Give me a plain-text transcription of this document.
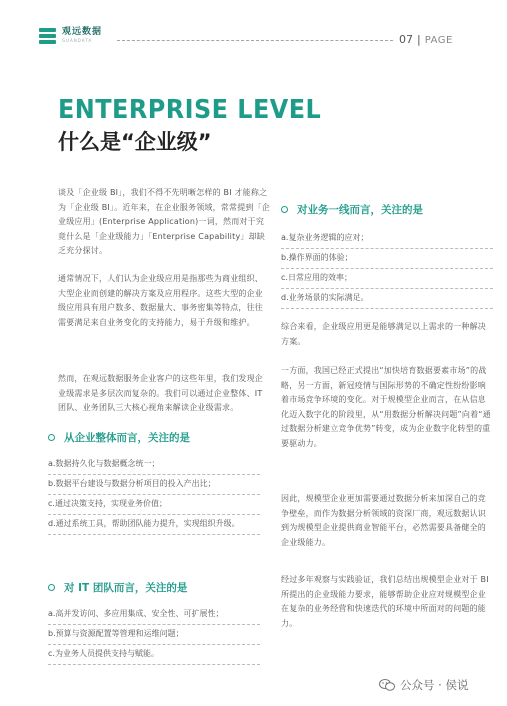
观远数据
GUANDATA	07 | PAGE
ENTERPRISE LEVEL
什么是“企业级”
谈及「企业级 BI」，我们不得不先明晰怎样的 BI 才能称之为「企业级 BI」。近年来，在企业服务领域，常常提到「企业级应用」(Enterprise Application)一词，然而对于究竟什么是「企业级能力」「Enterprise Capability」却缺乏充分探讨。
通常情况下，人们认为企业级应用是指那些为商业组织、大型企业而创建的解决方案及应用程序。这些大型的企业级应用具有用户数多、数据量大、事务密集等特点，往往需要满足来自业务变化的支持能力，易于升级和维护。
然而，在观远数据服务企业客户的这些年里，我们发现企业级需求是多层次而复杂的。我们可以通过企业整体、IT团队、业务团队三大核心视角来解读企业级需求。
从企业整体而言，关注的是
a.数据持久化与数据概念统一；
b.数据平台建设与数据分析项目的投入产出比；
c.通过决策支持，实现业务价值；
d.通过系统工具，帮助团队能力提升，实现组织升级。
对 IT 团队而言，关注的是
a.高并发访问、多应用集成、安全性、可扩展性；
b.预算与资源配置等管理和运维问题；
c.为业务人员提供支持与赋能。
对业务一线而言，关注的是
a.复杂业务逻辑的应对；
b.操作界面的体验；
c.日常应用的效率；
d.业务场景的实际满足。
综合来看，企业级应用更是能够满足以上需求的一种解决方案。
一方面，我国已经正式提出“加快培育数据要素市场”的战略，另一方面，新冠疫情与国际形势的不确定性纷纷影响着市场竞争环境的变化。对于规模型企业而言，在从信息化迈入数字化的阶段里，从“用数据分析解决问题”向着“通过数据分析建立竞争优势”转变，成为企业数字化转型的重要驱动力。
因此，规模型企业更加需要通过数据分析来加深自己的竞争壁垒，而作为数据分析领域的资深厂商，观远数据认识到为规模型企业提供商业智能平台，必然需要具备健全的企业级能力。
经过多年观察与实践验证，我们总结出规模型企业对于 BI 所提出的企业级能力要求，能够帮助企业应对规模型企业在复杂的业务经营和快速迭代的环境中所面对的问题的能力。
公众号 · 侯说
